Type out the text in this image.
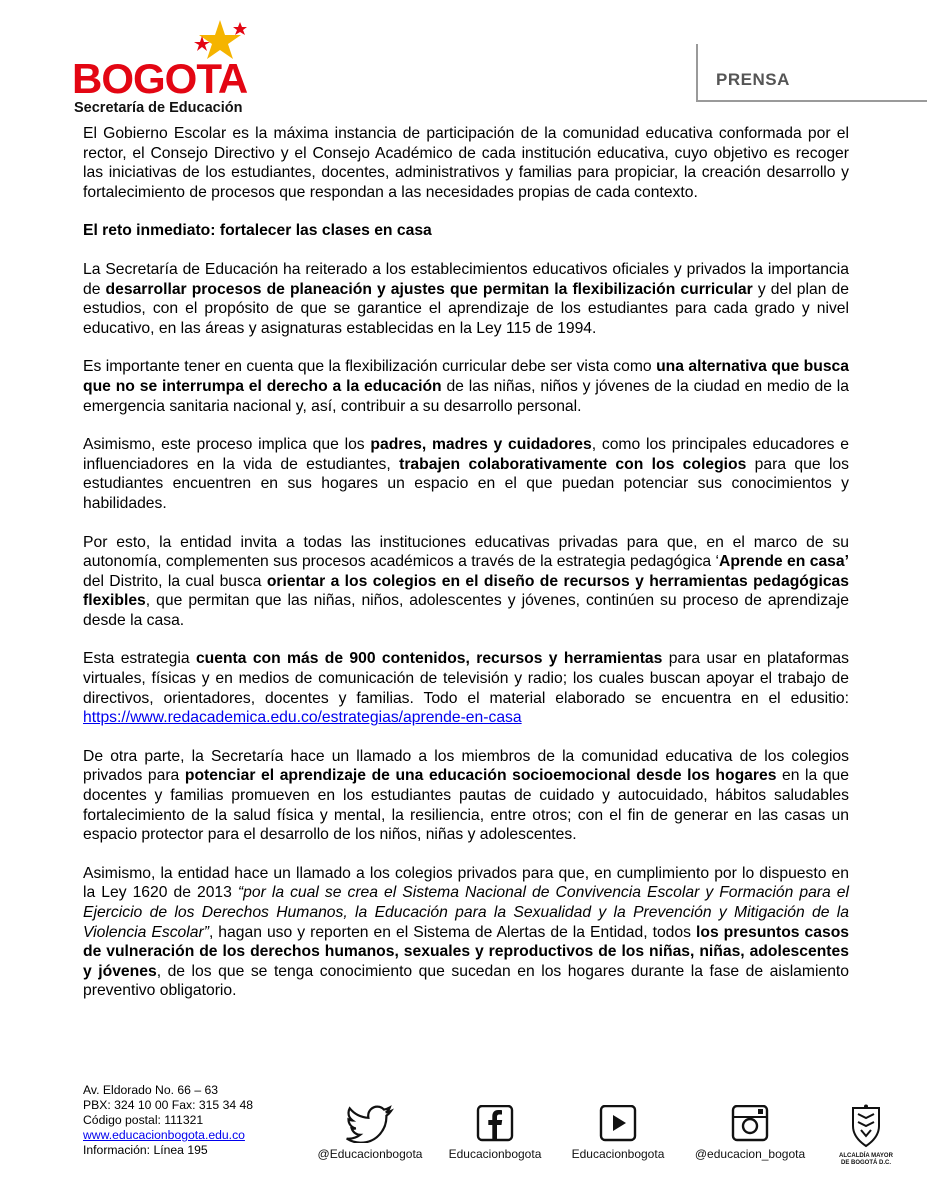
BOGOTA
Secretaría de Educación
PRENSA

El Gobierno Escolar es la máxima instancia de participación de la comunidad educativa conformada por el rector, el Consejo Directivo y el Consejo Académico de cada institución educativa, cuyo objetivo es recoger las iniciativas de los estudiantes, docentes, administrativos y familias para propiciar, la creación desarrollo y fortalecimiento de procesos que respondan a las necesidades propias de cada contexto.

El reto inmediato: fortalecer las clases en casa

La Secretaría de Educación ha reiterado a los establecimientos educativos oficiales y privados la importancia de desarrollar procesos de planeación y ajustes que permitan la flexibilización curricular y del plan de estudios, con el propósito de que se garantice el aprendizaje de los estudiantes para cada grado y nivel educativo, en las áreas y asignaturas establecidas en la Ley 115 de 1994.

Es importante tener en cuenta que la flexibilización curricular debe ser vista como una alternativa que busca que no se interrumpa el derecho a la educación de las niñas, niños y jóvenes de la ciudad en medio de la emergencia sanitaria nacional y, así, contribuir a su desarrollo personal.

Asimismo, este proceso implica que los padres, madres y cuidadores, como los principales educadores e influenciadores en la vida de estudiantes, trabajen colaborativamente con los colegios para que los estudiantes encuentren en sus hogares un espacio en el que puedan potenciar sus conocimientos y habilidades.

Por esto, la entidad invita a todas las instituciones educativas privadas para que, en el marco de su autonomía, complementen sus procesos académicos a través de la estrategia pedagógica ‘Aprende en casa’ del Distrito, la cual busca orientar a los colegios en el diseño de recursos y herramientas pedagógicas flexibles, que permitan que las niñas, niños, adolescentes y jóvenes, continúen su proceso de aprendizaje desde la casa.

Esta estrategia cuenta con más de 900 contenidos, recursos y herramientas para usar en plataformas virtuales, físicas y en medios de comunicación de televisión y radio; los cuales buscan apoyar el trabajo de directivos, orientadores, docentes y familias. Todo el material elaborado se encuentra en el edusitio: https://www.redacademica.edu.co/estrategias/aprende-en-casa

De otra parte, la Secretaría hace un llamado a los miembros de la comunidad educativa de los colegios privados para potenciar el aprendizaje de una educación socioemocional desde los hogares en la que docentes y familias promueven en los estudiantes pautas de cuidado y autocuidado, hábitos saludables fortalecimiento de la salud física y mental, la resiliencia, entre otros; con el fin de generar en las casas un espacio protector para el desarrollo de los niños, niñas y adolescentes.

Asimismo, la entidad hace un llamado a los colegios privados para que, en cumplimiento por lo dispuesto en la Ley 1620 de 2013 “por la cual se crea el Sistema Nacional de Convivencia Escolar y Formación para el Ejercicio de los Derechos Humanos, la Educación para la Sexualidad y la Prevención y Mitigación de la Violencia Escolar”, hagan uso y reporten en el Sistema de Alertas de la Entidad, todos los presuntos casos de vulneración de los derechos humanos, sexuales y reproductivos de los niñas, niñas, adolescentes y jóvenes, de los que se tenga conocimiento que sucedan en los hogares durante la fase de aislamiento preventivo obligatorio.

Av. Eldorado No. 66 – 63
PBX: 324 10 00 Fax: 315 34 48
Código postal: 111321
www.educacionbogota.edu.co
Información: Línea 195	@Educacionbogota	Educacionbogota	Educacionbogota	@educacion_bogota	ALCALDÍA MAYOR
DE BOGOTÁ D.C.
